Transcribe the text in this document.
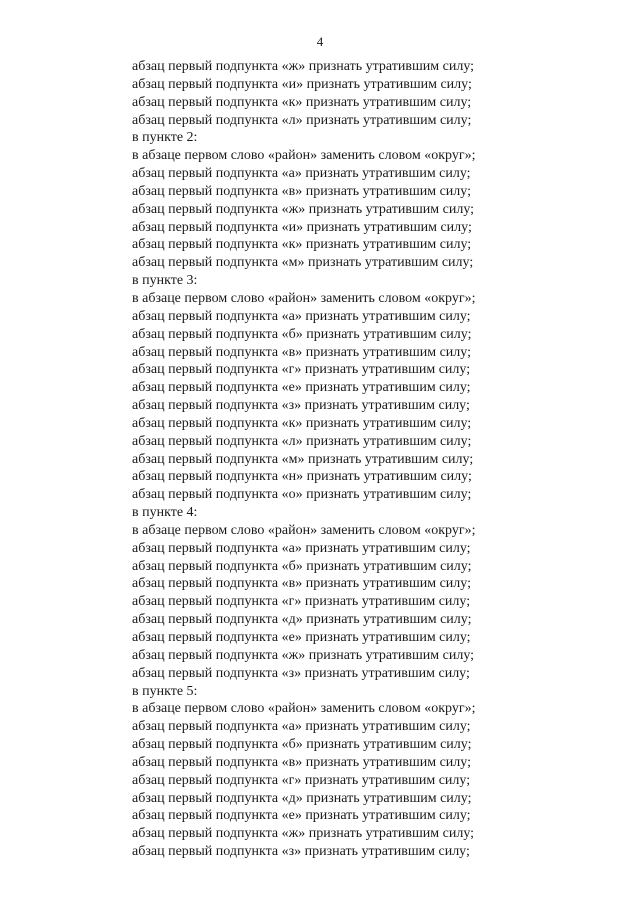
4
абзац первый подпункта «ж» признать утратившим силу;
абзац первый подпункта «и» признать утратившим силу;
абзац первый подпункта «к» признать утратившим силу;
абзац первый подпункта «л» признать утратившим силу;
в пункте 2:
в абзаце первом слово «район» заменить словом «округ»;
абзац первый подпункта «а» признать утратившим силу;
абзац первый подпункта «в» признать утратившим силу;
абзац первый подпункта «ж» признать утратившим силу;
абзац первый подпункта «и» признать утратившим силу;
абзац первый подпункта «к» признать утратившим силу;
абзац первый подпункта «м» признать утратившим силу;
в пункте 3:
в абзаце первом слово «район» заменить словом «округ»;
абзац первый подпункта «а» признать утратившим силу;
абзац первый подпункта «б» признать утратившим силу;
абзац первый подпункта «в» признать утратившим силу;
абзац первый подпункта «г» признать утратившим силу;
абзац первый подпункта «е» признать утратившим силу;
абзац первый подпункта «з» признать утратившим силу;
абзац первый подпункта «к» признать утратившим силу;
абзац первый подпункта «л» признать утратившим силу;
абзац первый подпункта «м» признать утратившим силу;
абзац первый подпункта «н» признать утратившим силу;
абзац первый подпункта «о» признать утратившим силу;
в пункте 4:
в абзаце первом слово «район» заменить словом «округ»;
абзац первый подпункта «а» признать утратившим силу;
абзац первый подпункта «б» признать утратившим силу;
абзац первый подпункта «в» признать утратившим силу;
абзац первый подпункта «г» признать утратившим силу;
абзац первый подпункта «д» признать утратившим силу;
абзац первый подпункта «е» признать утратившим силу;
абзац первый подпункта «ж» признать утратившим силу;
абзац первый подпункта «з» признать утратившим силу;
в пункте 5:
в абзаце первом слово «район» заменить словом «округ»;
абзац первый подпункта «а» признать утратившим силу;
абзац первый подпункта «б» признать утратившим силу;
абзац первый подпункта «в» признать утратившим силу;
абзац первый подпункта «г» признать утратившим силу;
абзац первый подпункта «д» признать утратившим силу;
абзац первый подпункта «е» признать утратившим силу;
абзац первый подпункта «ж» признать утратившим силу;
абзац первый подпункта «з» признать утратившим силу;
